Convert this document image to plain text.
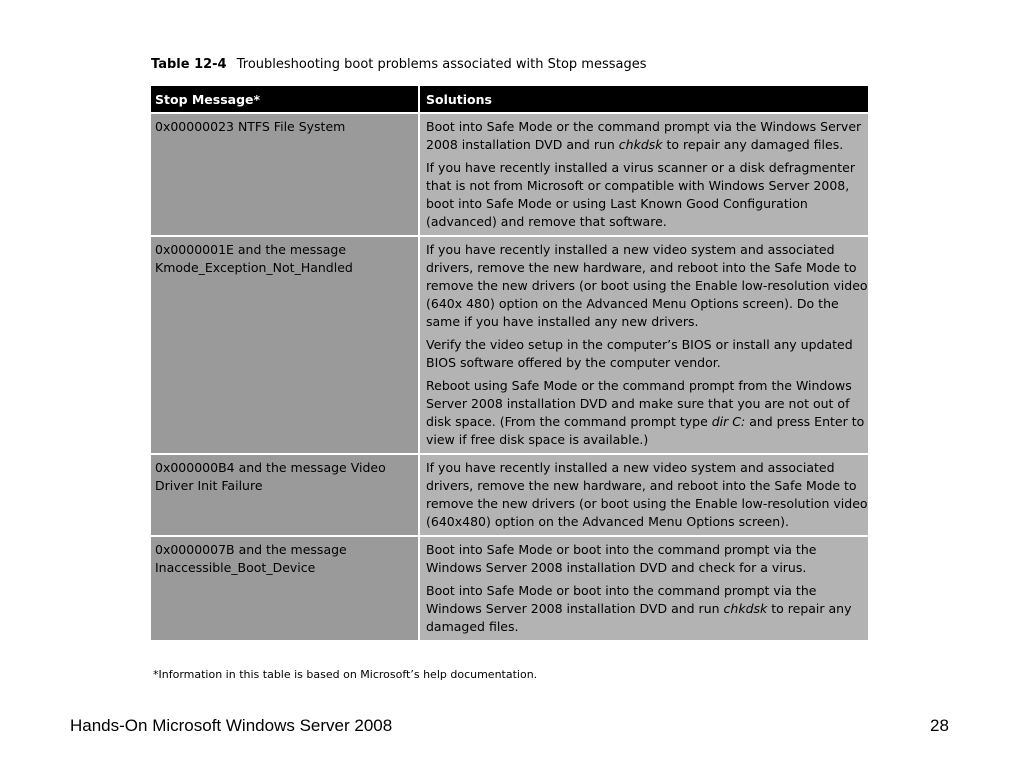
Table 12-4 Troubleshooting boot problems associated with Stop messages
Stop Message*	Solutions
0x00000023 NTFS File System	Boot into Safe Mode or the command prompt via the Windows Server 2008 installation DVD and run chkdsk to repair any damaged files.

If you have recently installed a virus scanner or a disk defragmenter that is not from Microsoft or compatible with Windows Server 2008, boot into Safe Mode or using Last Known Good Configuration (advanced) and remove that software.

0x0000001E and the message Kmode_Exception_Not_Handled	If you have recently installed a new video system and associated drivers, remove the new hardware, and reboot into the Safe Mode to remove the new drivers (or boot using the Enable low-resolution video (640x 480) option on the Advanced Menu Options screen). Do the same if you have installed any new drivers.

Verify the video setup in the computer’s BIOS or install any updated BIOS software offered by the computer vendor.

Reboot using Safe Mode or the command prompt from the Windows Server 2008 installation DVD and make sure that you are not out of disk space. (From the command prompt type dir C: and press Enter to view if free disk space is available.)

0x000000B4 and the message Video Driver Init Failure	If you have recently installed a new video system and associated drivers, remove the new hardware, and reboot into the Safe Mode to remove the new drivers (or boot using the Enable low-resolution video (640x480) option on the Advanced Menu Options screen).

0x0000007B and the message Inaccessible_Boot_Device	Boot into Safe Mode or boot into the command prompt via the Windows Server 2008 installation DVD and check for a virus.

Boot into Safe Mode or boot into the command prompt via the Windows Server 2008 installation DVD and run chkdsk to repair any damaged files.

*Information in this table is based on Microsoft’s help documentation.
Hands-On Microsoft Windows Server 2008	28
